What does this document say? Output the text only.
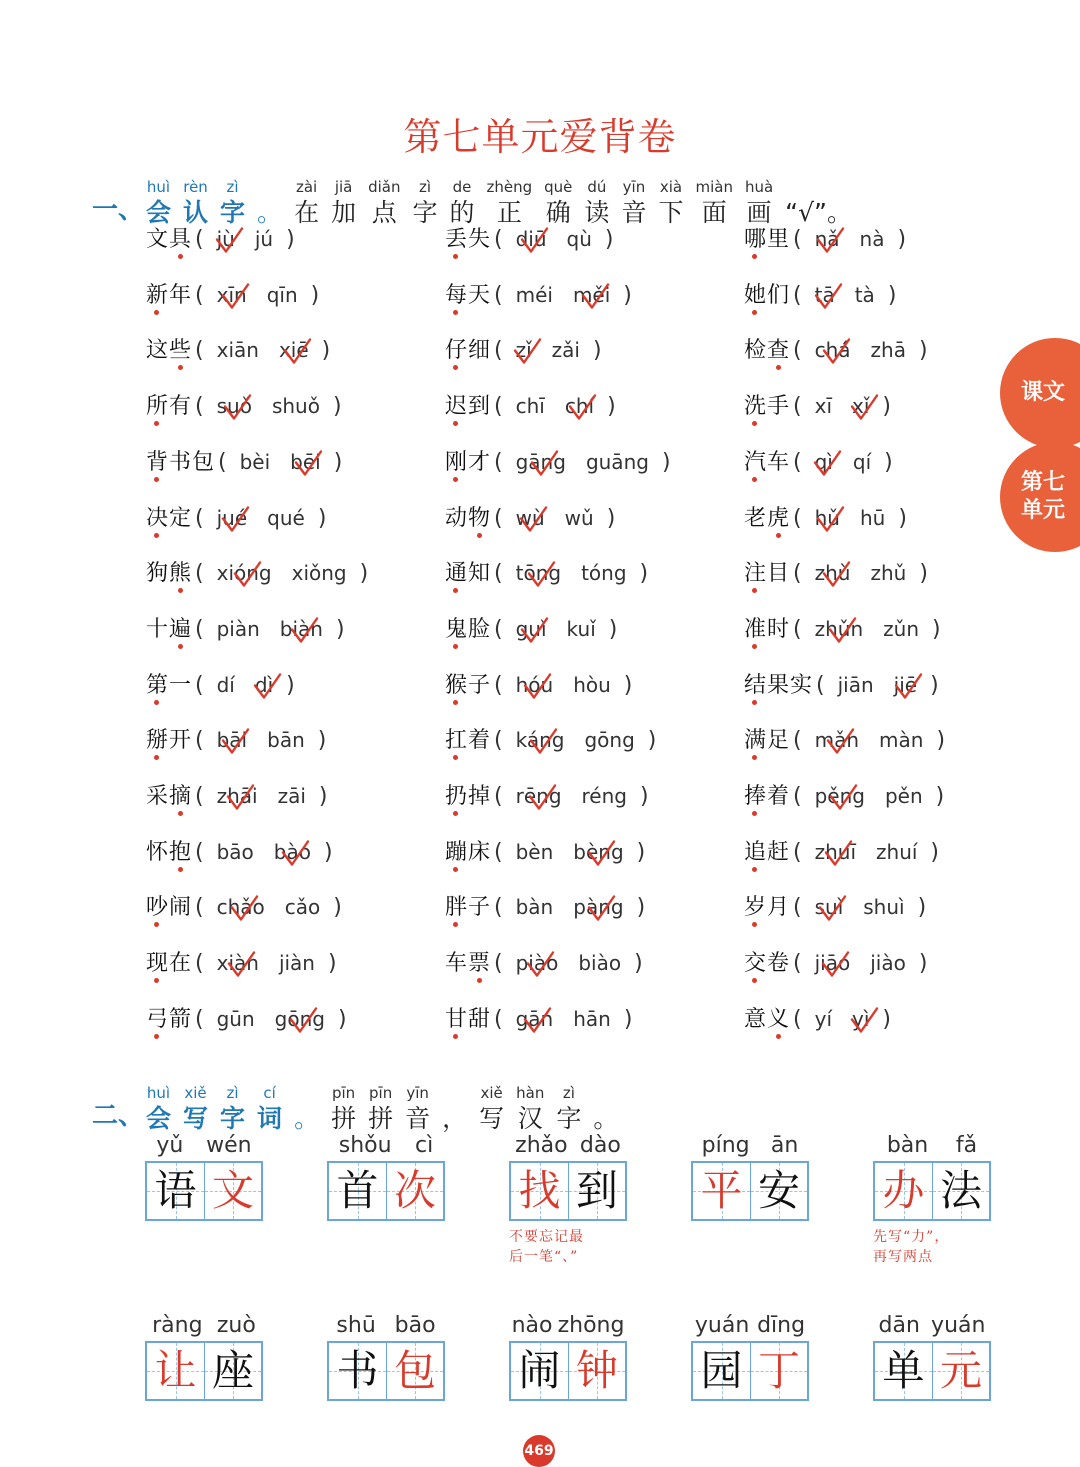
第七单元爱背卷
一、
huì
会
rèn
认
zì
字 。
zài
在
jiā
加
diǎn
点
zì
字
de
的
zhèng
正
què
确
dú
读
yīn
音
xià
下
miàn
面
huà
画 “√”。
文具 ( jù jú )	丢失 ( diū qù )	哪里 ( nǎ nà )
新年 ( xīn qīn )	每天 ( méi měi )	她们 ( tā tà )
这些 ( xiān xiē )	仔细 ( zǐ zǎi )	检查 ( chá zhā )
所有 ( suǒ shuǒ )	迟到 ( chī chí )	洗手 ( xī xǐ )
背书包 ( bèi bēi )	刚才 ( gāng guāng )	汽车 ( qì qí )
决定 ( jué qué )	动物 ( wù wǔ )	老虎 ( hǔ hū )
狗熊 ( xióng xiǒng )	通知 ( tōng tóng )	注目 ( zhù zhǔ )
十遍 ( piàn biàn )	鬼脸 ( guǐ kuǐ )	准时 ( zhǔn zǔn )
第一 ( dí dì )	猴子 ( hóu hòu )	结果实 ( jiān jiē )
掰开 ( bāi bān )	扛着 ( káng gōng )	满足 ( mǎn màn )
采摘 ( zhāi zāi )	扔掉 ( rēng réng )	捧着 ( pěng pěn )
怀抱 ( bāo bào )	蹦床 ( bèn bèng )	追赶 ( zhuī zhuí )
吵闹 ( chǎo cǎo )	胖子 ( bàn pàng )	岁月 ( suì shuì )
现在 ( xiàn jiàn )	车票 ( piào biào )	交卷 ( jiāo jiào )
弓箭 ( gūn gōng )	甘甜 ( gān hān )	意义 ( yí yì )
二、
huì
会
xiě
写
zì
字
cí
词 。
pīn
拼
pīn
拼
yīn
音 ，
xiě
写
hàn
汉
zì
字 。
yǔ wén
语 文
shǒu cì
首 次
zhǎo dào
找 到
不要忘记最
后一笔“、”
píng ān
平 安
bàn fǎ
办 法
先写“力”，
再写两点
ràng zuò
让 座
shū bāo
书 包
nào zhōng
闹 钟
yuán dīng
园 丁
dān yuán
单 元
课文
第七
单元
469
